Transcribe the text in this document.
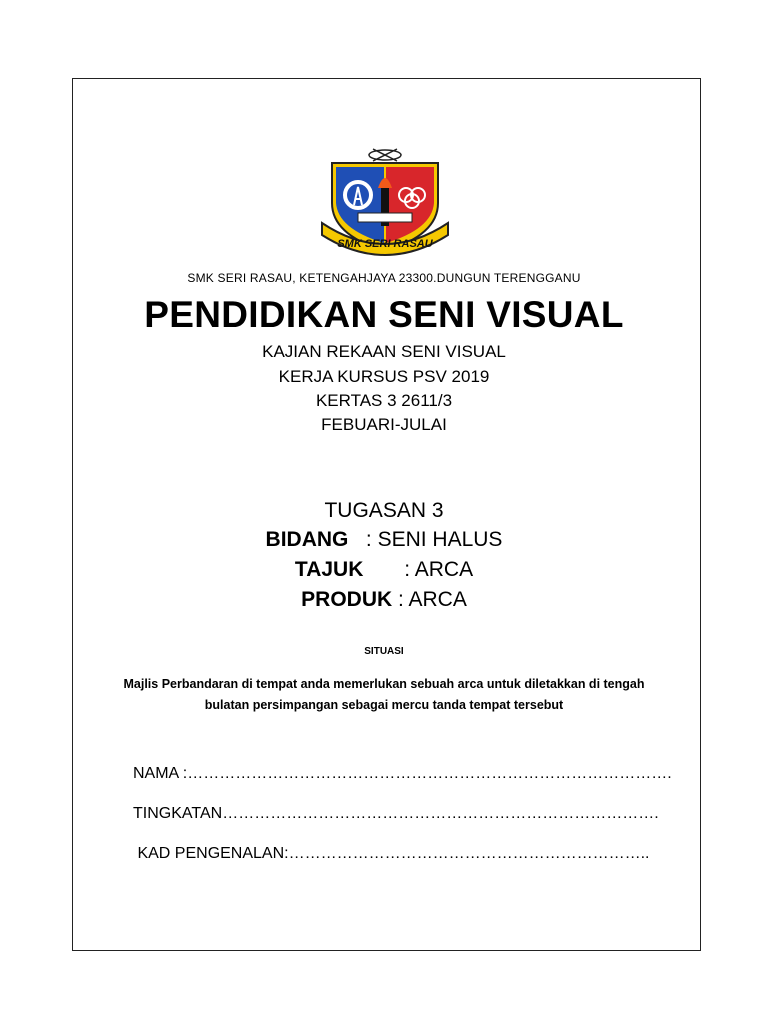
SMK SERI RASAU
SMK SERI RASAU, KETENGAHJAYA 23300.DUNGUN TERENGGANU
PENDIDIKAN SENI VISUAL
KAJIAN REKAAN SENI VISUAL
KERJA KURSUS PSV 2019
KERTAS 3 2611/3
FEBUARI-JULAI
TUGASAN 3
BIDANG   : SENI HALUS
TAJUK       : ARCA
PRODUK : ARCA
SITUASI
Majlis Perbandaran di tempat anda memerlukan sebuah arca untuk diletakkan di tengah
bulatan persimpangan sebagai mercu tanda tempat tersebut
NAMA :……………………………………………………………………………….
TINGKATAN……………………………………………………………………….
KAD PENGENALAN:…………………………………………………………..
